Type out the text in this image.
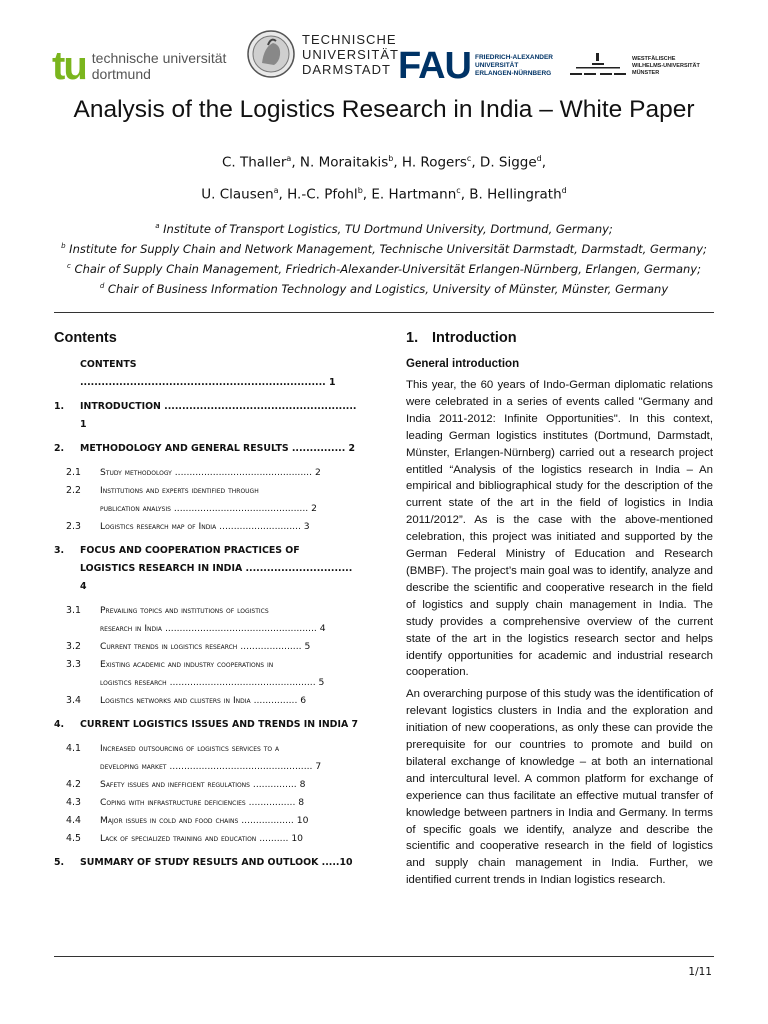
tu technische universität
dortmund
TECHNISCHE
UNIVERSITÄT
DARMSTADT FAU FRIEDRICH-ALEXANDER
UNIVERSITÄT
ERLANGEN-NÜRNBERG
WESTFÄLISCHE
WILHELMS-UNIVERSITÄT
MÜNSTER
Analysis of the Logistics Research in India – White Paper
C. Thaller$^a$, N. Moraitakis$^b$, H. Rogers$^c$, D. Sigge$^d$,
U. Clausen$^a$, H.-C. Pfohl$^b$, E. Hartmann$^c$, B. Hellingrath$^d$
$^a$ Institute of Transport Logistics, TU Dortmund University, Dortmund, Germany;
$^b$ Institute for Supply Chain and Network Management, Technische Universität Darmstadt, Darmstadt, Germany;
$^c$ Chair of Supply Chain Management, Friedrich-Alexander-Universität Erlangen-Nürnberg, Erlangen, Germany;
$^d$ Chair of Business Information Technology and Logistics, University of Münster, Münster, Germany
Contents
CONTENTS ..................................................................... 1
1.	INTRODUCTION ...................................................... 1
2.	METHODOLOGY AND GENERAL RESULTS ............... 2
2.1	Study methodology ............................................... 2
2.2	Institutions and experts identified through
publication analysis .............................................. 2
2.3	Logistics research map of India ............................ 3
3.	FOCUS AND COOPERATION PRACTICES OF
LOGISTICS RESEARCH IN INDIA .............................. 4
3.1	Prevailing topics and institutions of logistics
research in India .................................................... 4
3.2	Current trends in logistics research ..................... 5
3.3	Existing academic and industry cooperations in
logistics research .................................................. 5
3.4	Logistics networks and clusters in India ............... 6
4.	CURRENT LOGISTICS ISSUES AND TRENDS IN INDIA 7
4.1	Increased outsourcing of logistics services to a
developing market ................................................. 7
4.2	Safety issues and inefficient regulations ............... 8
4.3	Coping with infrastructure deficiencies ................ 8
4.4	Major issues in cold and food chains .................. 10
4.5	Lack of specialized training and education .......... 10
5.	SUMMARY OF STUDY RESULTS AND OUTLOOK .....10
1. Introduction
General introduction

This year, the 60 years of Indo-German diplomatic relations were celebrated in a series of events called "Germany and India 2011-2012: Infinite Opportunities". In this context, leading German logistics institutes (Dortmund, Darmstadt, Münster, Erlangen-Nürnberg) carried out a research project entitled “Analysis of the logistics research in India – An empirical and bibliographical study for the description of the current state of the art in the field of logistics in India 2011/2012”. As is the case with the above-mentioned celebration, this project was initiated and supported by the German Federal Ministry of Education and Research (BMBF). The project’s main goal was to identify, analyze and describe the scientific and cooperative research in the field of logistics and supply chain management in India. The study provides a comprehensive overview of the current state of the art in the logistics research sector and helps identify opportunities for academic and industrial research cooperation.

An overarching purpose of this study was the identification of relevant logistics clusters in India and the exploration and initiation of new cooperations, as only these can provide the prerequisite for our countries to promote and build on bilateral exchange of knowledge – at both an international and intercultural level. A common platform for exchange of experience can thus facilitate an effective mutual transfer of knowledge between partners in India and Germany. In terms of specific goals we identify, analyze and describe the scientific and cooperative research in the field of logistics and supply chain management in India. Further, we identified current trends in Indian logistics research.

1/11
